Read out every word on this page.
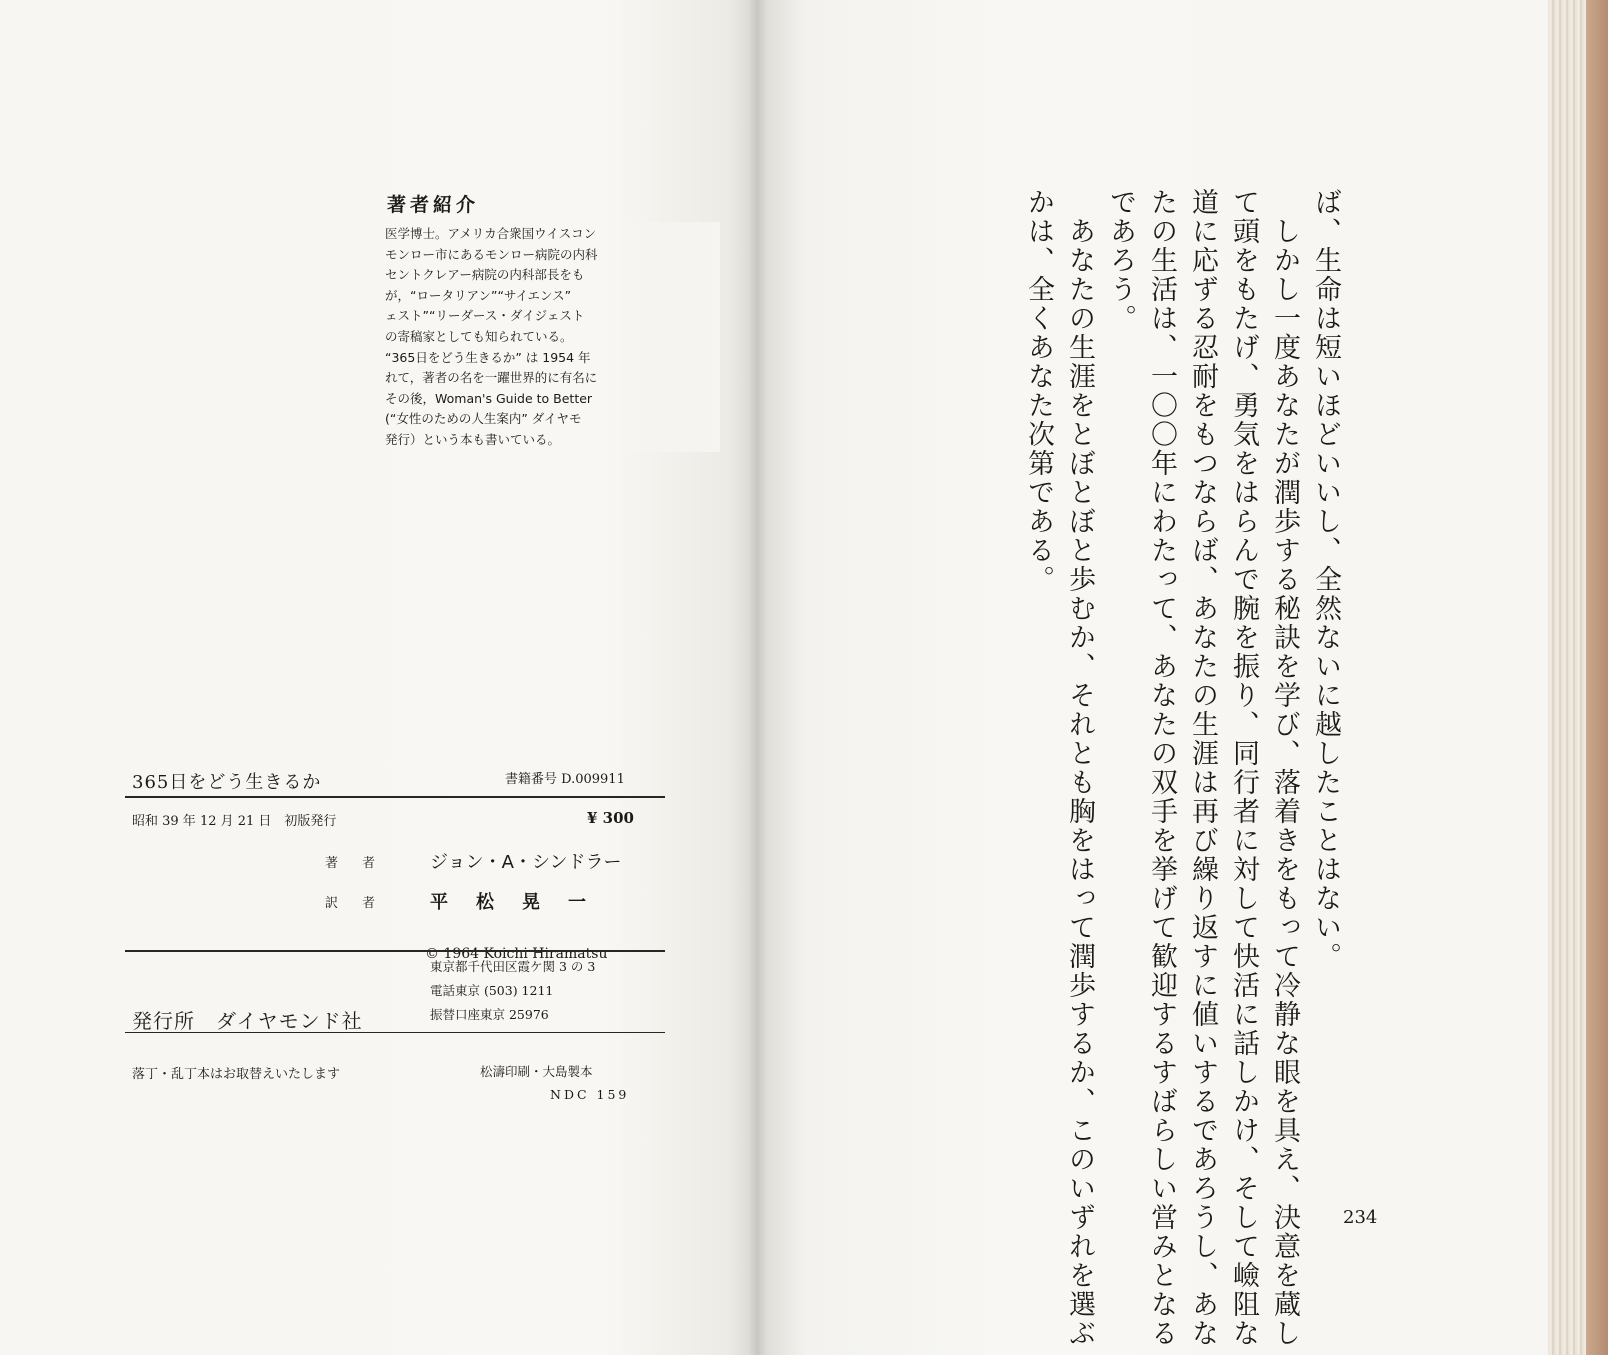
著者紹介
医学博士。アメリカ合衆国ウイスコン
モンロー市にあるモンロー病院の内科
セントクレアー病院の内科部長をも
が，“ロータリアン”“サイエンス”
ェスト”“リーダース・ダイジェスト
の寄稿家としても知られている。
“365日をどう生きるか” は 1954 年
れて，著者の名を一躍世界的に有名に
その後，Woman's Guide to Better
(“女性のための人生案内” ダイヤモ
発行）という本も書いている。
365日をどう生きるか	書籍番号 D.009911
昭和 39 年 12 月 21 日　初版発行	¥ 300
著者 ジョン・A・シンドラー
訳者 平松晃一
© 1964 Koichi Hiramatsu
発行所　ダイヤモンド社
東京都千代田区霞ケ関 3 の 3
電話東京 (503) 1211
振替口座東京 25976
落丁・乱丁本はお取替えいたします	松濤印刷・大島製本
NDC 159
ば、生命は短いほどいいし、全然ないに越したことはない。
　しかし一度あなたが潤歩する秘訣を学び、落着きをもって冷静な眼を具え、決意を蔵し
て頭をもたげ、勇気をはらんで腕を振り、同行者に対して快活に話しかけ、そして嶮阻な
道に応ずる忍耐をもつならば、あなたの生涯は再び繰り返すに値いするであろうし、あな
たの生活は、一〇〇年にわたって、あなたの双手を挙げて歓迎するすばらしい営みとなる
であろう。
　あなたの生涯をとぼとぼと歩むか、それとも胸をはって潤歩するか、このいずれを選ぶ
かは、全くあなた次第である。
234
